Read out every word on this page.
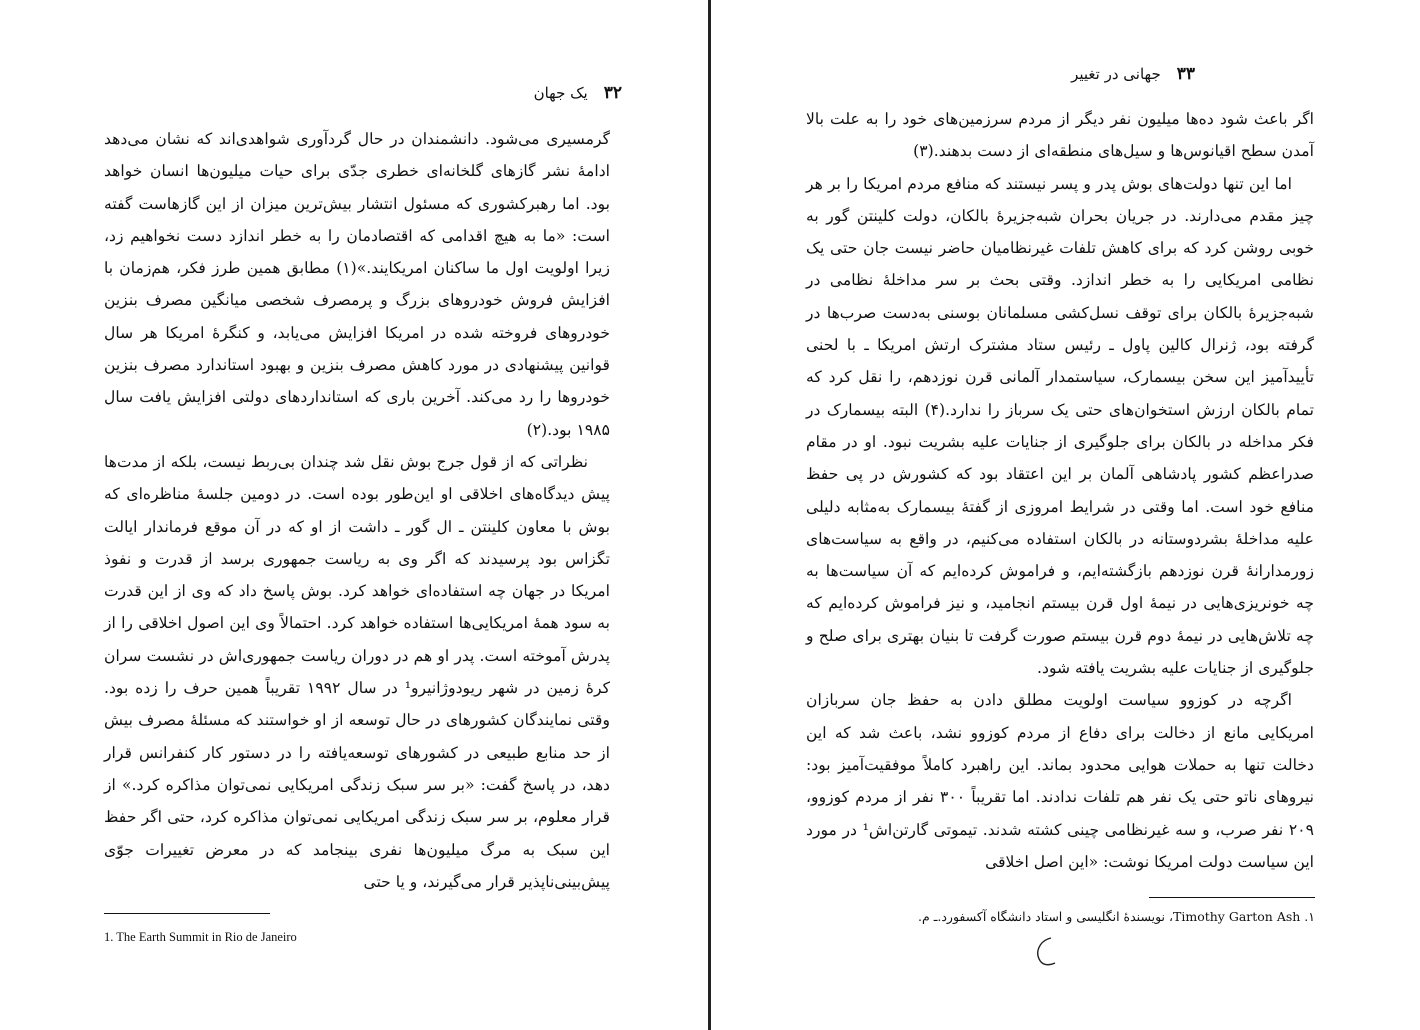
۳۲یک جهان

گرمسیری می‌شود. دانشمندان در حال گردآوری شواهدی‌اند که نشان می‌دهد ادامهٔ نشر گازهای گلخانه‌ای خطری جدّی برای حیات میلیون‌ها انسان خواهد بود. اما رهبرکشوری که مسئول انتشار بیش‌ترین میزان از این گازهاست گفته است: «ما به هیچ اقدامی که اقتصادمان را به خطر اندازد دست نخواهیم زد، زیرا اولویت اول ما ساکنان امریکایند.»(۱) مطابق همین طرز فکر، هم‌زمان با افزایش فروش خودروهای بزرگ و پرمصرف شخصی میانگین مصرف بنزین خودروهای فروخته شده در امریکا افزایش می‌یابد، و کنگرهٔ امریکا هر سال قوانین پیشنهادی در مورد کاهش مصرف بنزین و بهبود استاندارد مصرف بنزین خودروها را رد می‌کند. آخرین باری که استانداردهای دولتی افزایش یافت سال ۱۹۸۵ بود.(۲)

نظراتی که از قول جرج بوش نقل شد چندان بی‌ربط نیست، بلکه از مدت‌ها پیش دیدگاه‌های اخلاقی او این‌طور بوده است. در دومین جلسهٔ مناظره‌ای که بوش با معاون کلینتن ـ ال گور ـ داشت از او که در آن موقع فرماندار ایالت تگزاس بود پرسیدند که اگر وی به ریاست جمهوری برسد از قدرت و نفوذ امریکا در جهان چه استفاده‌ای خواهد کرد. بوش پاسخ داد که وی از این قدرت به سود همهٔ امریکایی‌ها استفاده خواهد کرد. احتمالاً وی این اصول اخلاقی را از پدرش آموخته است. پدر او هم در دوران ریاست جمهوری‌اش در نشست سران کرهٔ زمین در شهر ریودوژانیرو¹ در سال ۱۹۹۲ تقریباً همین حرف را زده بود. وقتی نمایندگان کشورهای در حال توسعه از او خواستند که مسئلهٔ مصرف بیش از حد منابع طبیعی در کشورهای توسعه‌یافته را در دستور کار کنفرانس قرار دهد، در پاسخ گفت: «بر سر سبک زندگی امریکایی نمی‌توان مذاکره کرد.» از قرار معلوم، بر سر سبک زندگی امریکایی نمی‌توان مذاکره کرد، حتی اگر حفظ این سبک به مرگ میلیون‌ها نفری بینجامد که در معرض تغییرات جوّی پیش‌بینی‌ناپذیر قرار می‌گیرند، و یا حتی

1. The Earth Summit in Rio de Janeiro
۳۳جهانی در تغییر

اگر باعث شود ده‌ها میلیون نفر دیگر از مردم سرزمین‌های خود را به علت بالا آمدن سطح اقیانوس‌ها و سیل‌های منطقه‌ای از دست بدهند.(۳)

اما این تنها دولت‌های بوش پدر و پسر نیستند که منافع مردم امریکا را بر هر چیز مقدم می‌دارند. در جریان بحران شبه‌جزیرهٔ بالکان، دولت کلینتن گور به خوبی روشن کرد که برای کاهش تلفات غیرنظامیان حاضر نیست جان حتی یک نظامی امریکایی را به خطر اندازد. وقتی بحث بر سر مداخلهٔ نظامی در شبه‌جزیرهٔ بالکان برای توقف نسل‌کشی مسلمانان بوسنی به‌دست صرب‌ها در گرفته بود، ژنرال کالین پاول ـ رئیس ستاد مشترک ارتش امریکا ـ با لحنی تأییدآمیز این سخن بیسمارک، سیاستمدار آلمانی قرن نوزدهم، را نقل کرد که تمام بالکان ارزش استخوان‌های حتی یک سرباز را ندارد.(۴) البته بیسمارک در فکر مداخله در بالکان برای جلوگیری از جنایات علیه بشریت نبود. او در مقام صدراعظم کشور پادشاهی آلمان بر این اعتقاد بود که کشورش در پی حفظ منافع خود است. اما وقتی در شرایط امروزی از گفتهٔ بیسمارک به‌مثابه دلیلی علیه مداخلهٔ بشردوستانه در بالکان استفاده می‌کنیم، در واقع به سیاست‌های زورمدارانهٔ قرن نوزدهم بازگشته‌ایم، و فراموش کرده‌ایم که آن سیاست‌ها به چه خونریزی‌هایی در نیمهٔ اول قرن بیستم انجامید، و نیز فراموش کرده‌ایم که چه تلاش‌هایی در نیمهٔ دوم قرن بیستم صورت گرفت تا بنیان بهتری برای صلح و جلوگیری از جنایات علیه بشریت یافته شود.

اگرچه در کوزوو سیاست اولویت مطلق دادن به حفظ جان سربازان امریکایی مانع از دخالت برای دفاع از مردم کوزوو نشد، باعث شد که این دخالت تنها به حملات هوایی محدود بماند. این راهبرد کاملاً موفقیت‌آمیز بود: نیروهای ناتو حتی یک نفر هم تلفات ندادند. اما تقریباً ۳۰۰ نفر از مردم کوزوو، ۲۰۹ نفر صرب، و سه غیرنظامی چینی کشته شدند. تیموتی گارتن‌اش¹ در مورد این سیاست دولت امریکا نوشت: «این اصل اخلاقی

۱. Timothy Garton Ash، نویسندهٔ انگلیسی و استاد دانشگاه آکسفورد.ـ م.
